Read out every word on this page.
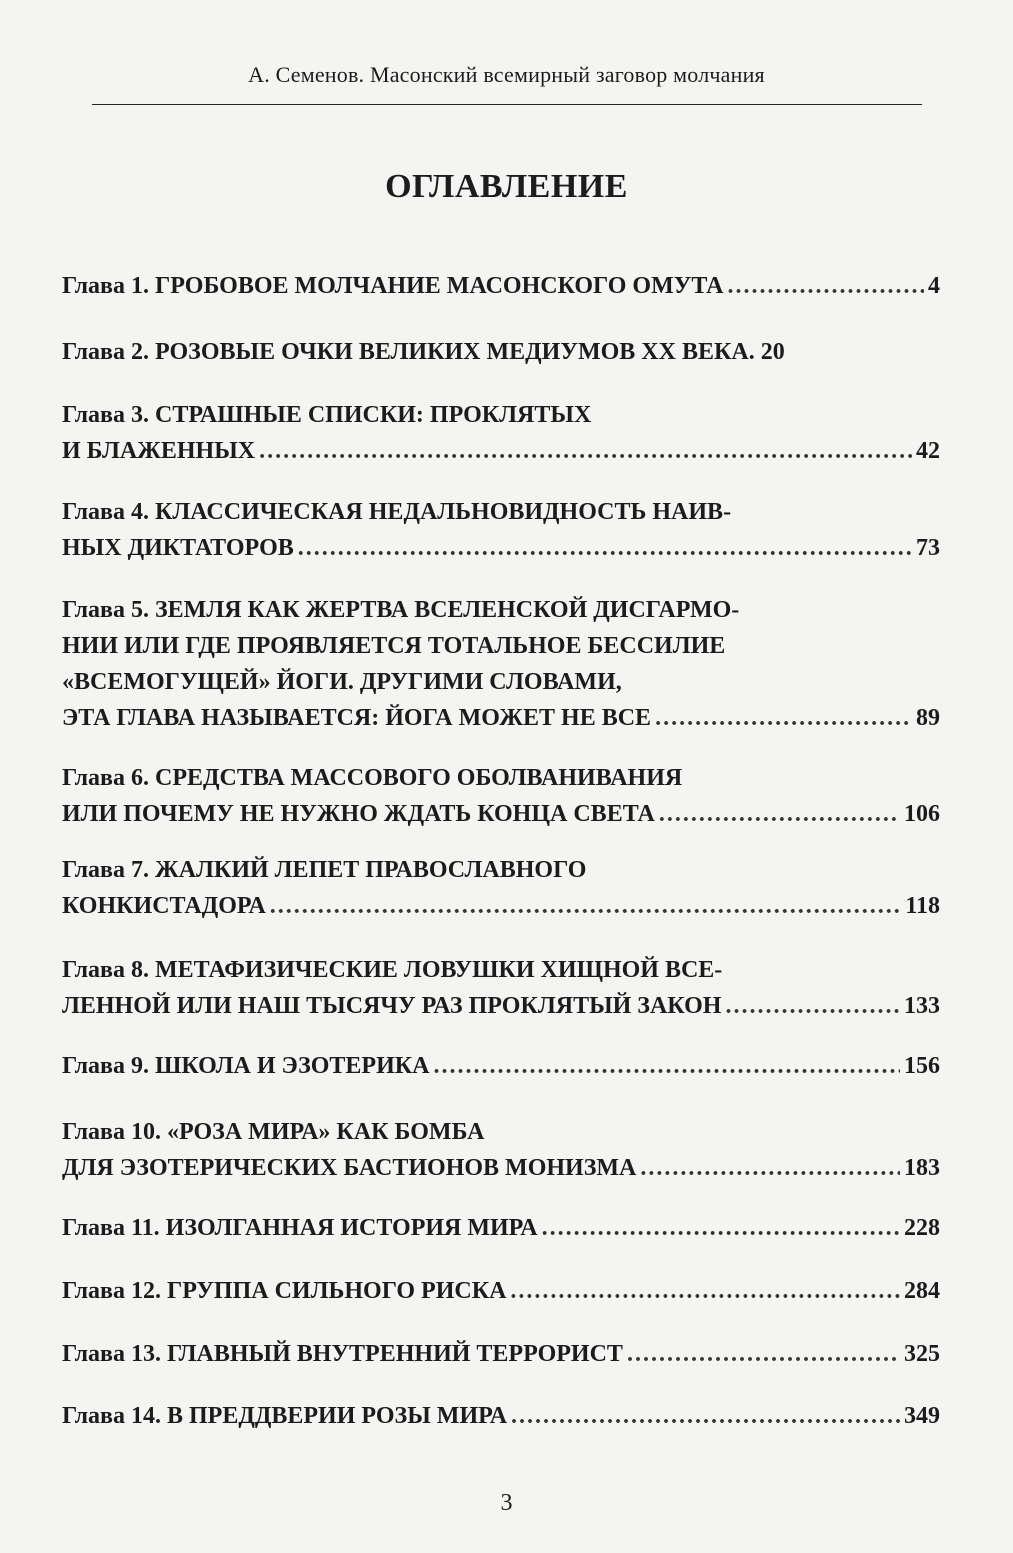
А. Семенов. Масонский всемирный заговор молчания
ОГЛАВЛЕНИЕ
Глава 1. ГРОБОВОЕ МОЛЧАНИЕ МАСОНСКОГО ОМУТА .....	4
Глава 2. РОЗОВЫЕ ОЧКИ ВЕЛИКИХ МЕДИУМОВ XX ВЕКА. 20
Глава 3. СТРАШНЫЕ СПИСКИ: ПРОКЛЯТЫХ
И БЛАЖЕННЫХ .....	42
Глава 4. КЛАССИЧЕСКАЯ НЕДАЛЬНОВИДНОСТЬ НАИВ-
НЫХ ДИКТАТОРОВ .....	73
Глава 5. ЗЕМЛЯ КАК ЖЕРТВА ВСЕЛЕНСКОЙ ДИСГАРМО-
НИИ ИЛИ ГДЕ ПРОЯВЛЯЕТСЯ ТОТАЛЬНОЕ БЕССИЛИЕ
«ВСЕМОГУЩЕЙ» ЙОГИ. ДРУГИМИ СЛОВАМИ,
ЭТА ГЛАВА НАЗЫВАЕТСЯ: ЙОГА МОЖЕТ НЕ ВСЕ .....	89
Глава 6. СРЕДСТВА МАССОВОГО ОБОЛВАНИВАНИЯ
ИЛИ ПОЧЕМУ НЕ НУЖНО ЖДАТЬ КОНЦА СВЕТА .....	106
Глава 7. ЖАЛКИЙ ЛЕПЕТ ПРАВОСЛАВНОГО
КОНКИСТАДОРА .....	118
Глава 8. МЕТАФИЗИЧЕСКИЕ ЛОВУШКИ ХИЩНОЙ ВСЕ-
ЛЕННОЙ ИЛИ НАШ ТЫСЯЧУ РАЗ ПРОКЛЯТЫЙ ЗАКОН .....	133
Глава 9. ШКОЛА И ЭЗОТЕРИКА .....	156
Глава 10. «РОЗА МИРА» КАК БОМБА
ДЛЯ ЭЗОТЕРИЧЕСКИХ БАСТИОНОВ МОНИЗМА .....	183
Глава 11. ИЗОЛГАННАЯ ИСТОРИЯ МИРА .....	228
Глава 12. ГРУППА СИЛЬНОГО РИСКА .....	284
Глава 13. ГЛАВНЫЙ ВНУТРЕННИЙ ТЕРРОРИСТ .....	325
Глава 14. В ПРЕДДВЕРИИ РОЗЫ МИРА .....	349
3
